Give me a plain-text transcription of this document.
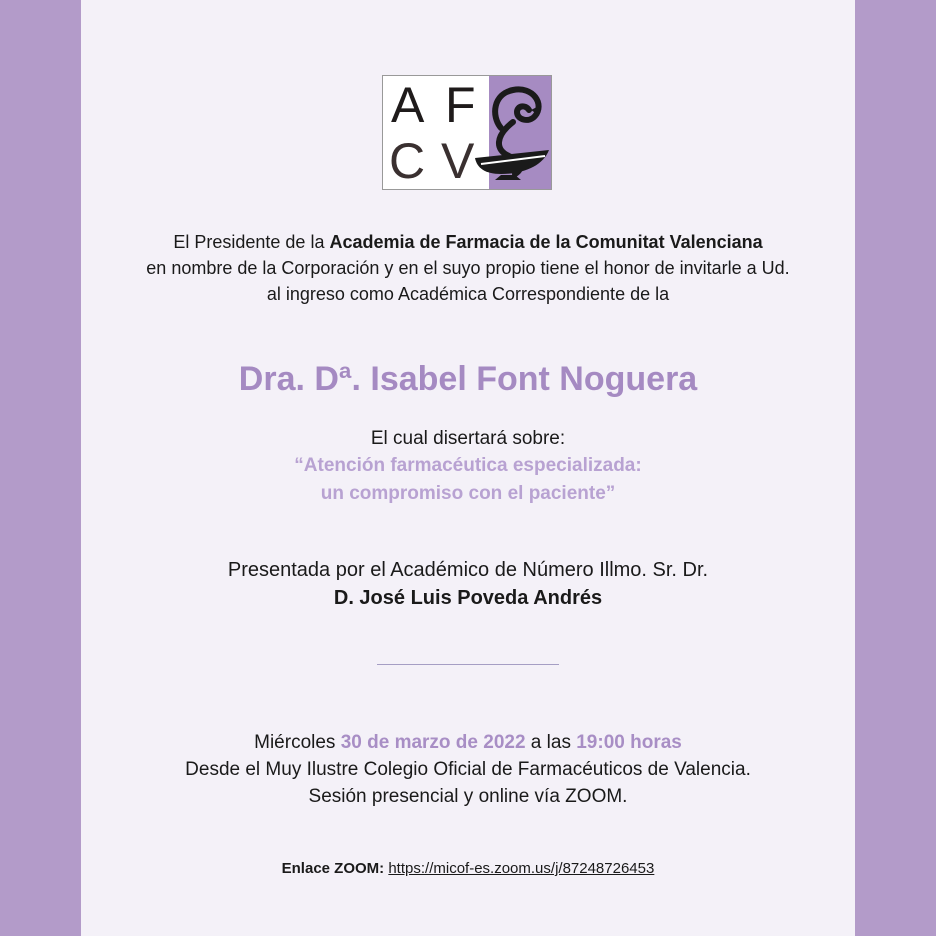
A F
C V
El Presidente de la Academia de Farmacia de la Comunitat Valenciana
en nombre de la Corporación y en el suyo propio tiene el honor de invitarle a Ud.
al ingreso como Académica Correspondiente de la
Dra. Dª. Isabel Font Noguera
El cual disertará sobre:
“Atención farmacéutica especializada:
un compromiso con el paciente”
Presentada por el Académico de Número Illmo. Sr. Dr.
D. José Luis Poveda Andrés
Miércoles 30 de marzo de 2022 a las 19:00 horas
Desde el Muy Ilustre Colegio Oficial de Farmacéuticos de Valencia.
Sesión presencial y online vía ZOOM.
Enlace ZOOM: https://micof-es.zoom.us/j/87248726453
